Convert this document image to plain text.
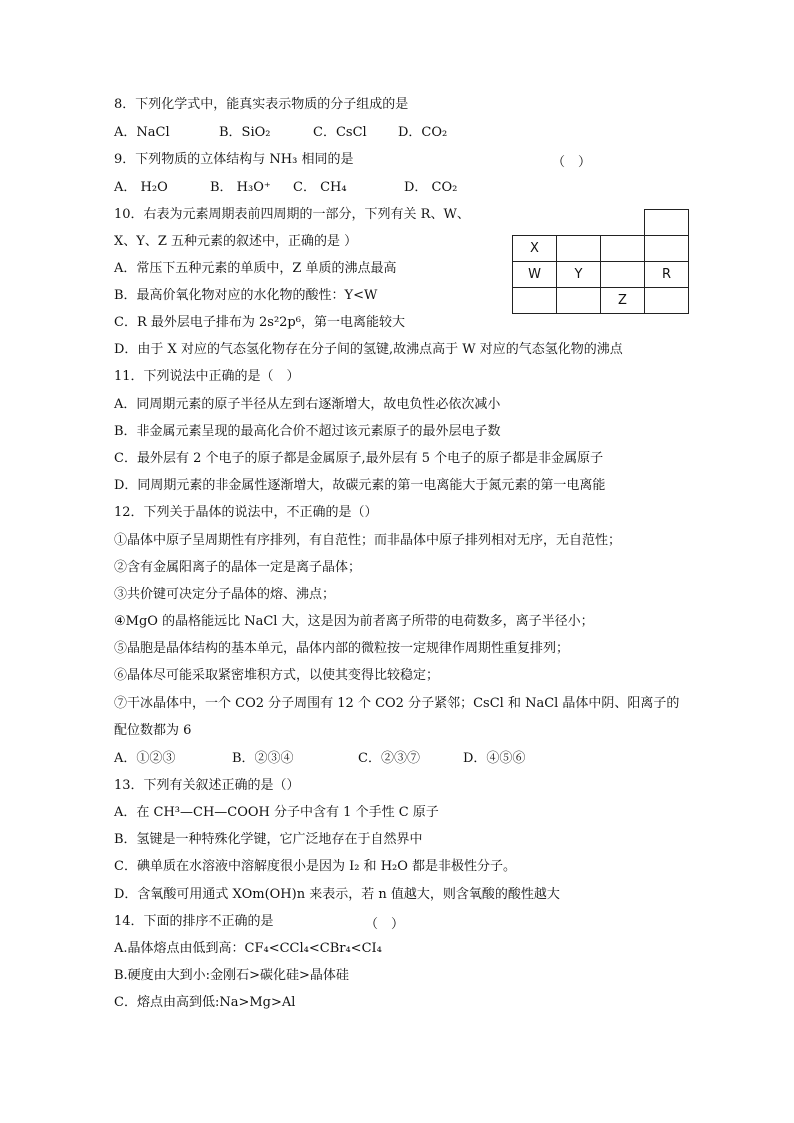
8．下列化学式中，能真实表示物质的分子组成的是
A．NaCl	B．SiO₂	C．CsCl D．CO₂
9．下列物质的立体结构与 NH₃ 相同的是	（　）
A． H₂O	B． H₃O⁺ C． CH₄	D． CO₂
10．右表为元素周期表前四周期的一部分，下列有关 R、W、
X、Y、Z 五种元素的叙述中，正确的是 ）
A．常压下五种元素的单质中，Z 单质的沸点最高
B．最高价氧化物对应的水化物的酸性：Y<W
C．R 最外层电子排布为 2s²2p⁶，第一电离能较大
D．由于 X 对应的气态氢化物存在分子间的氢键,故沸点高于 W 对应的气态氢化物的沸点

X			
W	Y		R
		Z	
11．下列说法中正确的是（　）
A．同周期元素的原子半径从左到右逐渐增大，故电负性必依次减小
B．非金属元素呈现的最高化合价不超过该元素原子的最外层电子数
C．最外层有 2 个电子的原子都是金属原子,最外层有 5 个电子的原子都是非金属原子
D．同周期元素的非金属性逐渐增大，故碳元素的第一电离能大于氮元素的第一电离能
12．下列关于晶体的说法中，不正确的是（）
①晶体中原子呈周期性有序排列，有自范性；而非晶体中原子排列相对无序，无自范性；
②含有金属阳离子的晶体一定是离子晶体；
③共价键可决定分子晶体的熔、沸点；
④MgO 的晶格能远比 NaCl 大，这是因为前者离子所带的电荷数多，离子半径小；
⑤晶胞是晶体结构的基本单元，晶体内部的微粒按一定规律作周期性重复排列；
⑥晶体尽可能采取紧密堆积方式，以使其变得比较稳定；
⑦干冰晶体中，一个 CO2 分子周围有 12 个 CO2 分子紧邻；CsCl 和 NaCl 晶体中阴、阳离子的
配位数都为 6
A．①②③	B．②③④	C．②③⑦	D．④⑤⑥
13．下列有关叙述正确的是（）
A．在 CH³—CH—COOH 分子中含有 1 个手性 C 原子
B．氢键是一种特殊化学键，它广泛地存在于自然界中
C．碘单质在水溶液中溶解度很小是因为 I₂ 和 H₂O 都是非极性分子。
D．含氧酸可用通式 XOm(OH)n 来表示，若 n 值越大，则含氧酸的酸性越大
14．下面的排序不正确的是	（　）
A.晶体熔点由低到高：CF₄<CCl₄<CBr₄<CI₄
B.硬度由大到小:金刚石>碳化硅>晶体硅
C．熔点由高到低:Na>Mg>Al
